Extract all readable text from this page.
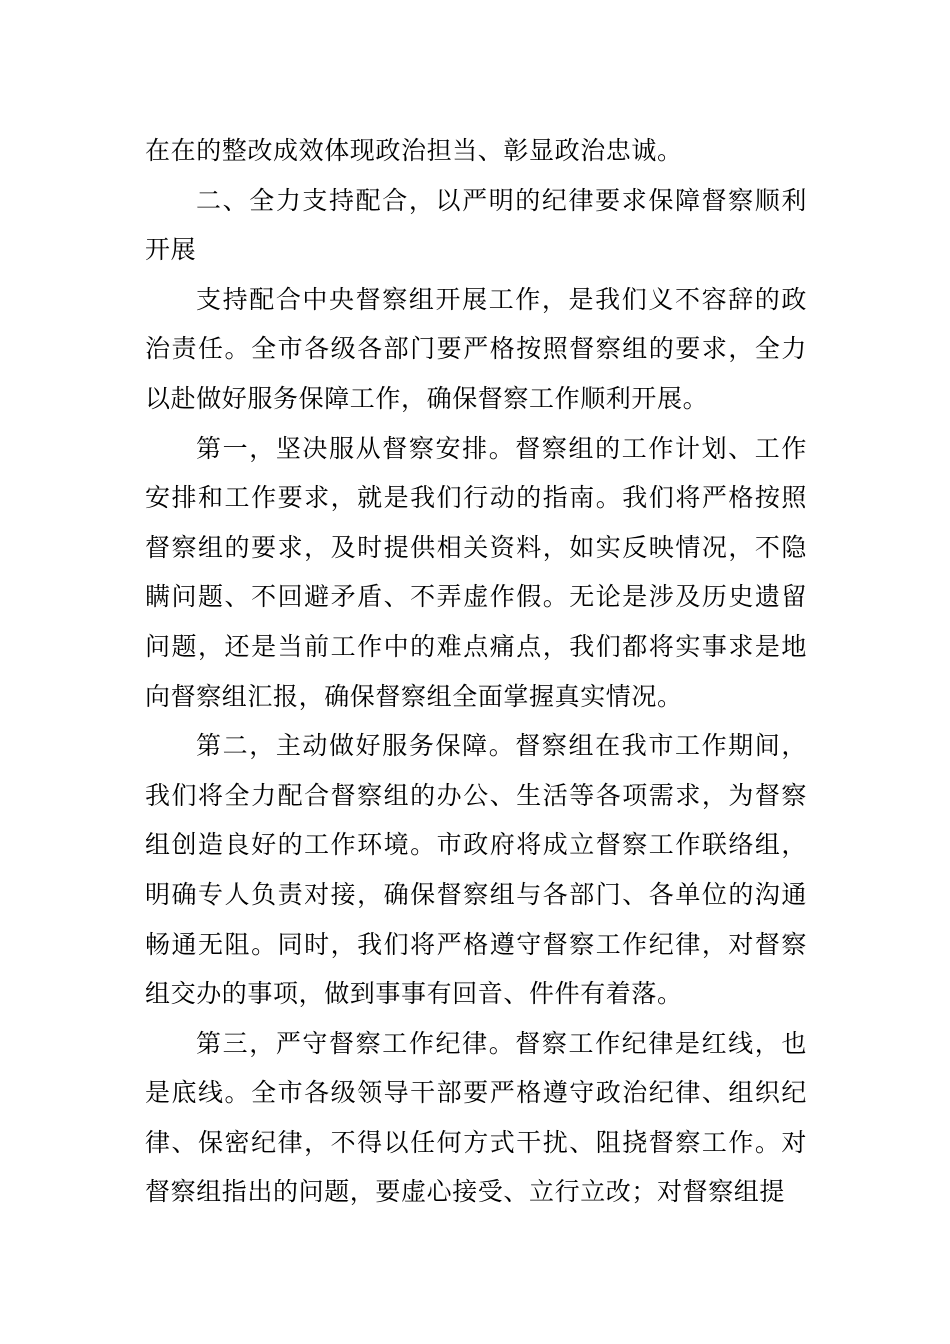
在在的整改成效体现政治担当、彰显政治忠诚。

二、全力支持配合，以严明的纪律要求保障督察顺利开展

支持配合中央督察组开展工作，是我们义不容辞的政治责任。全市各级各部门要严格按照督察组的要求，全力以赴做好服务保障工作，确保督察工作顺利开展。

第一，坚决服从督察安排。督察组的工作计划、工作安排和工作要求，就是我们行动的指南。我们将严格按照督察组的要求，及时提供相关资料，如实反映情况，不隐瞒问题、不回避矛盾、不弄虚作假。无论是涉及历史遗留问题，还是当前工作中的难点痛点，我们都将实事求是地向督察组汇报，确保督察组全面掌握真实情况。

第二，主动做好服务保障。督察组在我市工作期间，我们将全力配合督察组的办公、生活等各项需求，为督察组创造良好的工作环境。市政府将成立督察工作联络组，明确专人负责对接，确保督察组与各部门、各单位的沟通畅通无阻。同时，我们将严格遵守督察工作纪律，对督察组交办的事项，做到事事有回音、件件有着落。

第三，严守督察工作纪律。督察工作纪律是红线，也是底线。全市各级领导干部要严格遵守政治纪律、组织纪律、保密纪律，不得以任何方式干扰、阻挠督察工作。对督察组指出的问题，要虚心接受、立行立改；对督察组提
